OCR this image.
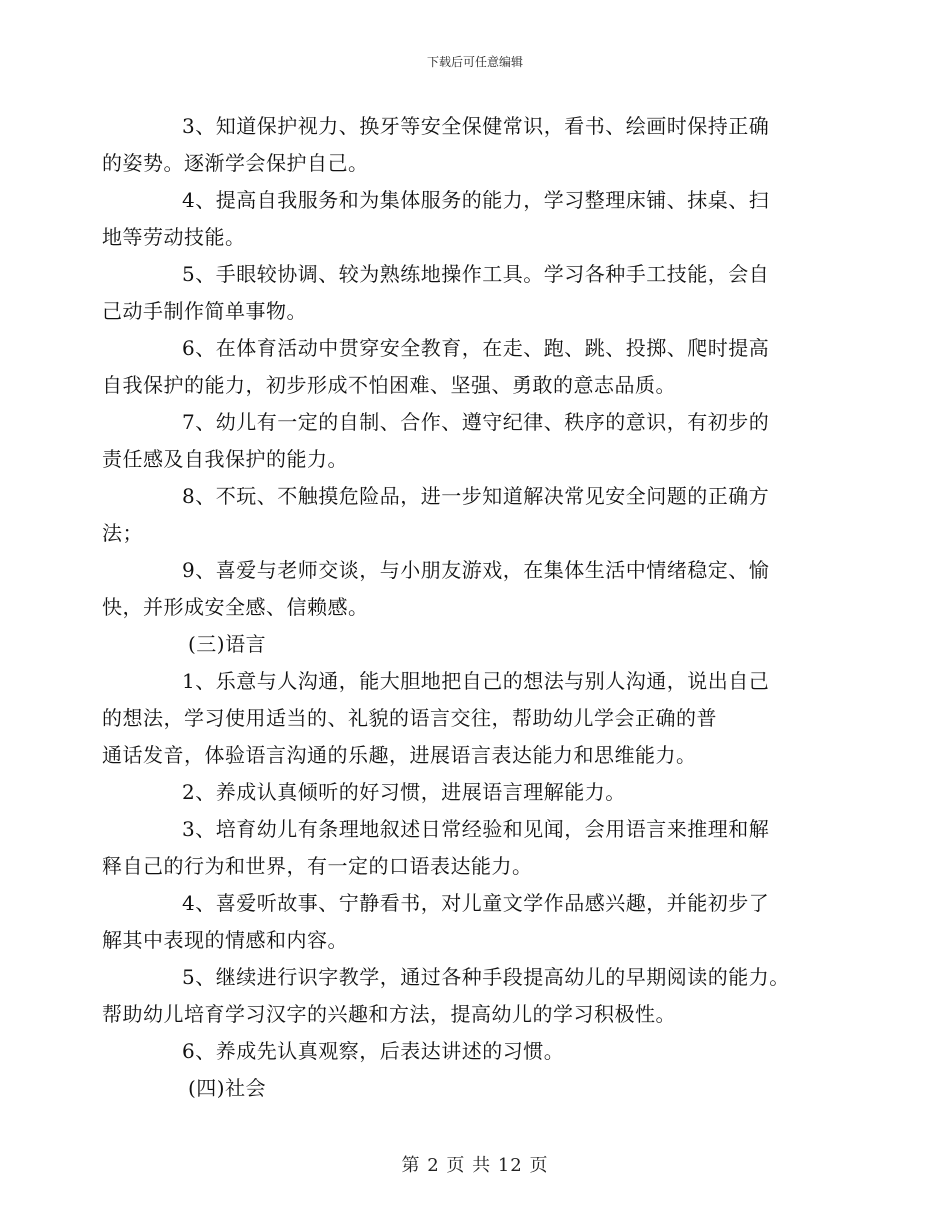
下载后可任意编辑

3、知道保护视力、换牙等安全保健常识，看书、绘画时保持正确
的姿势。逐渐学会保护自己。

4、提高自我服务和为集体服务的能力，学习整理床铺、抹桌、扫
地等劳动技能。

5、手眼较协调、较为熟练地操作工具。学习各种手工技能，会自
己动手制作简单事物。

6、在体育活动中贯穿安全教育，在走、跑、跳、投掷、爬时提高
自我保护的能力，初步形成不怕困难、坚强、勇敢的意志品质。

7、幼儿有一定的自制、合作、遵守纪律、秩序的意识，有初步的
责任感及自我保护的能力。

8、不玩、不触摸危险品，进一步知道解决常见安全问题的正确方
法；

9、喜爱与老师交谈，与小朋友游戏，在集体生活中情绪稳定、愉
快，并形成安全感、信赖感。

(三)语言

1、乐意与人沟通，能大胆地把自己的想法与别人沟通，说出自己
的想法，学习使用适当的、礼貌的语言交往，帮助幼儿学会正确的普
通话发音，体验语言沟通的乐趣，进展语言表达能力和思维能力。

2、养成认真倾听的好习惯，进展语言理解能力。

3、培育幼儿有条理地叙述日常经验和见闻，会用语言来推理和解
释自己的行为和世界，有一定的口语表达能力。

4、喜爱听故事、宁静看书，对儿童文学作品感兴趣，并能初步了
解其中表现的情感和内容。

5、继续进行识字教学，通过各种手段提高幼儿的早期阅读的能力。
帮助幼儿培育学习汉字的兴趣和方法，提高幼儿的学习积极性。

6、养成先认真观察，后表达讲述的习惯。

(四)社会

第 2 页 共 12 页
